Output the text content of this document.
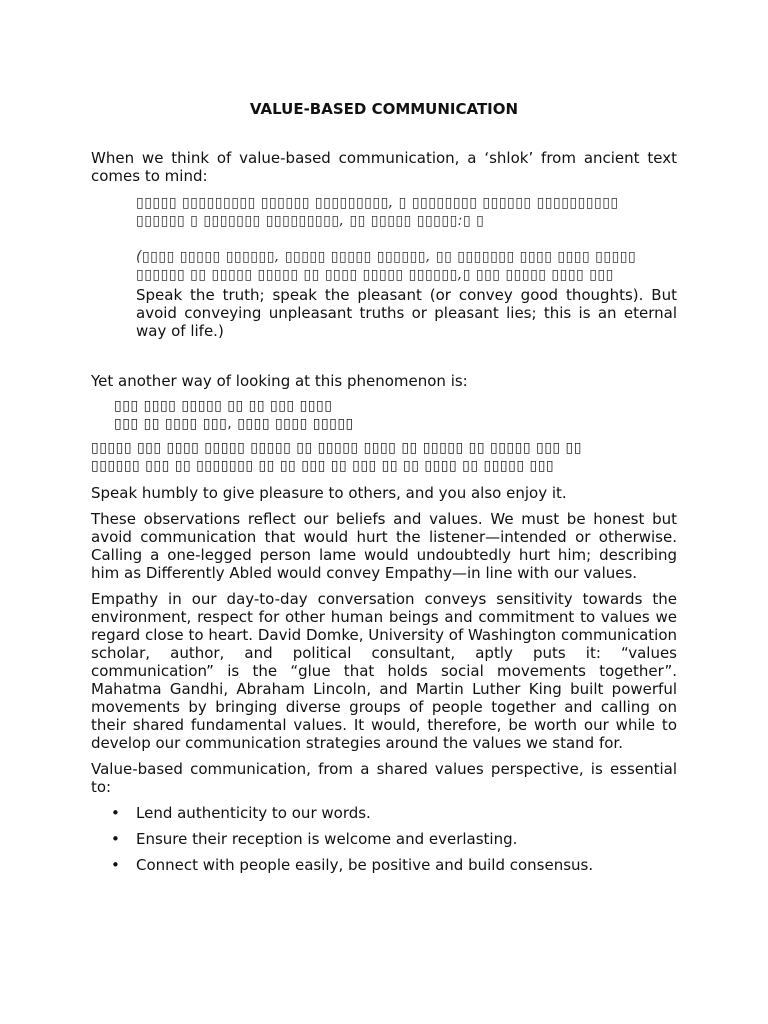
VALUE-BASED COMMUNICATION

When we think of value-based communication, a ‘shlok’ from ancient text comes to mind:

▯▯▯▯▯ ▯▯▯▯▯▯▯▯▯ ▯▯▯▯▯▯ ▯▯▯▯▯▯▯▯▯, ▯ ▯▯▯▯▯▯▯▯ ▯▯▯▯▯▯ ▯▯▯▯▯▯▯▯▯▯
▯▯▯▯▯▯ ▯ ▯▯▯▯▯▯▯ ▯▯▯▯▯▯▯▯▯, ▯▯ ▯▯▯▯▯ ▯▯▯▯▯:▯ ▯
(▯▯▯▯ ▯▯▯▯▯ ▯▯▯▯▯▯, ▯▯▯▯▯ ▯▯▯▯▯ ▯▯▯▯▯▯, ▯▯ ▯▯▯▯▯▯▯ ▯▯▯▯ ▯▯▯▯ ▯▯▯▯▯
▯▯▯▯▯▯ ▯▯ ▯▯▯▯▯ ▯▯▯▯▯ ▯▯ ▯▯▯▯ ▯▯▯▯▯ ▯▯▯▯▯▯,▯ ▯▯▯ ▯▯▯▯▯ ▯▯▯▯ ▯▯▯

Speak the truth; speak the pleasant (or convey good thoughts). But avoid conveying unpleasant truths or pleasant lies; this is an eternal way of life.)

Yet another way of looking at this phenomenon is:

▯▯▯ ▯▯▯▯ ▯▯▯▯▯ ▯▯ ▯▯ ▯▯▯ ▯▯▯▯
▯▯▯ ▯▯ ▯▯▯▯ ▯▯▯, ▯▯▯▯ ▯▯▯▯ ▯▯▯▯▯
▯▯▯▯▯ ▯▯▯ ▯▯▯▯ ▯▯▯▯▯ ▯▯▯▯▯ ▯▯ ▯▯▯▯▯ ▯▯▯▯ ▯▯ ▯▯▯▯▯ ▯▯ ▯▯▯▯▯ ▯▯▯ ▯▯
▯▯▯▯▯▯ ▯▯▯ ▯▯ ▯▯▯▯▯▯▯ ▯▯ ▯▯ ▯▯▯ ▯▯ ▯▯▯ ▯▯ ▯▯ ▯▯▯▯ ▯▯ ▯▯▯▯▯ ▯▯▯

Speak humbly to give pleasure to others, and you also enjoy it.

These observations reflect our beliefs and values. We must be honest but avoid communication that would hurt the listener—intended or otherwise. Calling a one-legged person lame would undoubtedly hurt him; describing him as Differently Abled would convey Empathy—in line with our values.

Empathy in our day-to-day conversation conveys sensitivity towards the environment, respect for other human beings and commitment to values we regard close to heart. David Domke, University of Washington communication scholar, author, and political consultant, aptly puts it: “values communication” is the “glue that holds social movements together”. Mahatma Gandhi, Abraham Lincoln, and Martin Luther King built powerful movements by bringing diverse groups of people together and calling on their shared fundamental values. It would, therefore, be worth our while to develop our communication strategies around the values we stand for.

Value-based communication, from a shared values perspective, is essential to:

• Lend authenticity to our words.
• Ensure their reception is welcome and everlasting.
• Connect with people easily, be positive and build consensus.
